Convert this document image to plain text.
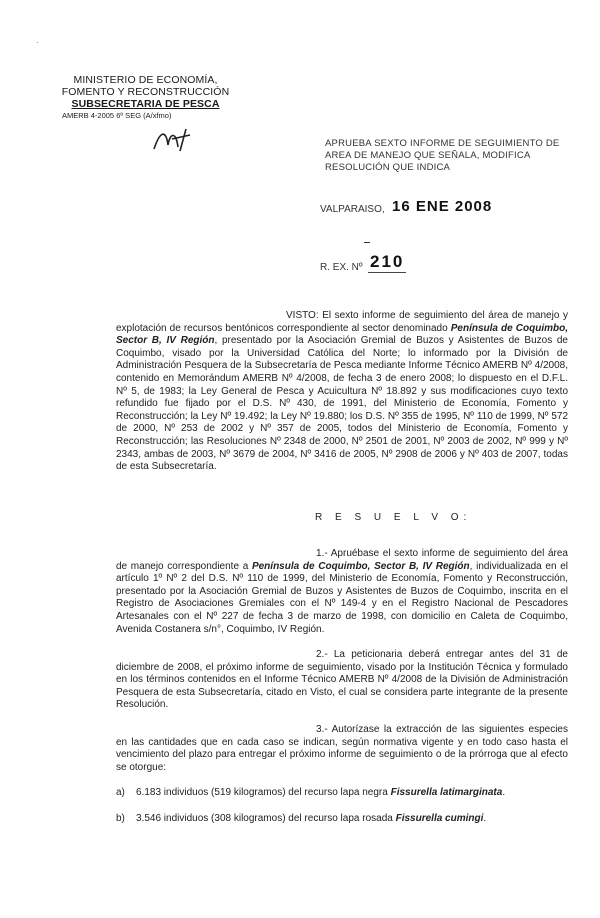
·
MINISTERIO DE ECONOMÍA,
FOMENTO Y RECONSTRUCCIÓN
SUBSECRETARIA DE PESCA
AMERB 4-2005 6º SEG (A/xfmo)
APRUEBA SEXTO INFORME DE SEGUIMIENTO DE AREA DE MANEJO QUE SEÑALA, MODIFICA RESOLUCIÓN QUE INDICA
VALPARAISO, 16 ENE 2008
R. EX. Nº 210
VISTO: El sexto informe de seguimiento del área de manejo y explotación de recursos bentónicos correspondiente al sector denominado Península de Coquimbo, Sector B, IV Región, presentado por la Asociación Gremial de Buzos y Asistentes de Buzos de Coquimbo, visado por la Universidad Católica del Norte; lo informado por la División de Administración Pesquera de la Subsecretaría de Pesca mediante Informe Técnico AMERB Nº 4/2008, contenido en Memorándum AMERB Nº 4/2008, de fecha 3 de enero 2008; lo dispuesto en el D.F.L. Nº 5, de 1983; la Ley General de Pesca y Acuicultura Nº 18.892 y sus modificaciones cuyo texto refundido fue fijado por el D.S. Nº 430, de 1991, del Ministerio de Economía, Fomento y Reconstrucción; la Ley Nº 19.492; la Ley Nº 19.880; los D.S. Nº 355 de 1995, Nº 110 de 1999, Nº 572 de 2000, Nº 253 de 2002 y Nº 357 de 2005, todos del Ministerio de Economía, Fomento y Reconstrucción; las Resoluciones Nº 2348 de 2000, Nº 2501 de 2001, Nº 2003 de 2002, Nº 999 y Nº 2343, ambas de 2003, Nº 3679 de 2004, Nº 3416 de 2005, Nº 2908 de 2006 y Nº 403 de 2007, todas de esta Subsecretaría.
R E S U E L V O:
1.- Apruébase el sexto informe de seguimiento del área de manejo correspondiente a Península de Coquimbo, Sector B, IV Región, individualizada en el artículo 1º Nº 2 del D.S. Nº 110 de 1999, del Ministerio de Economía, Fomento y Reconstrucción, presentado por la Asociación Gremial de Buzos y Asistentes de Buzos de Coquimbo, inscrita en el Registro de Asociaciones Gremiales con el Nº 149-4 y en el Registro Nacional de Pescadores Artesanales con el Nº 227 de fecha 3 de marzo de 1998, con domicilio en Caleta de Coquimbo, Avenida Costanera s/n°, Coquimbo, IV Región.
2.- La peticionaria deberá entregar antes del 31 de diciembre de 2008, el próximo informe de seguimiento, visado por la Institución Técnica y formulado en los términos contenidos en el Informe Técnico AMERB Nº 4/2008 de la División de Administración Pesquera de esta Subsecretaría, citado en Visto, el cual se considera parte integrante de la presente Resolución.
3.- Autorízase la extracción de las siguientes especies en las cantidades que en cada caso se indican, según normativa vigente y en todo caso hasta el vencimiento del plazo para entregar el próximo informe de seguimiento o de la prórroga que al efecto se otorgue:
a) 6.183 individuos (519 kilogramos) del recurso lapa negra Fissurella latimarginata.
b) 3.546 individuos (308 kilogramos) del recurso lapa rosada Fissurella cumingi.
